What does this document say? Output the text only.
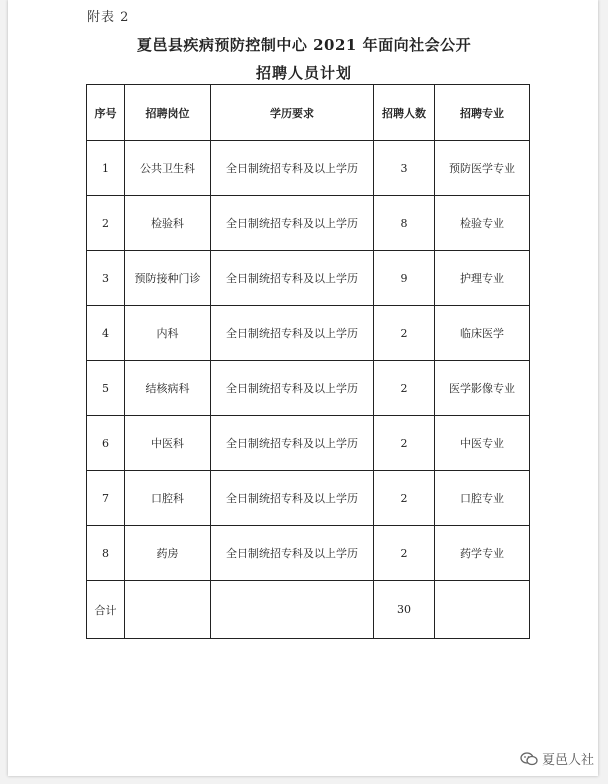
附表 2
夏邑县疾病预防控制中心 2021 年面向社会公开
招聘人员计划
序号	招聘岗位	学历要求	招聘人数	招聘专业
1	公共卫生科	全日制统招专科及以上学历	3	预防医学专业
2	检验科	全日制统招专科及以上学历	8	检验专业
3	预防接种门诊	全日制统招专科及以上学历	9	护理专业
4	内科	全日制统招专科及以上学历	2	临床医学
5	结核病科	全日制统招专科及以上学历	2	医学影像专业
6	中医科	全日制统招专科及以上学历	2	中医专业
7	口腔科	全日制统招专科及以上学历	2	口腔专业
8	药房	全日制统招专科及以上学历	2	药学专业
合计			30	
夏邑人社
